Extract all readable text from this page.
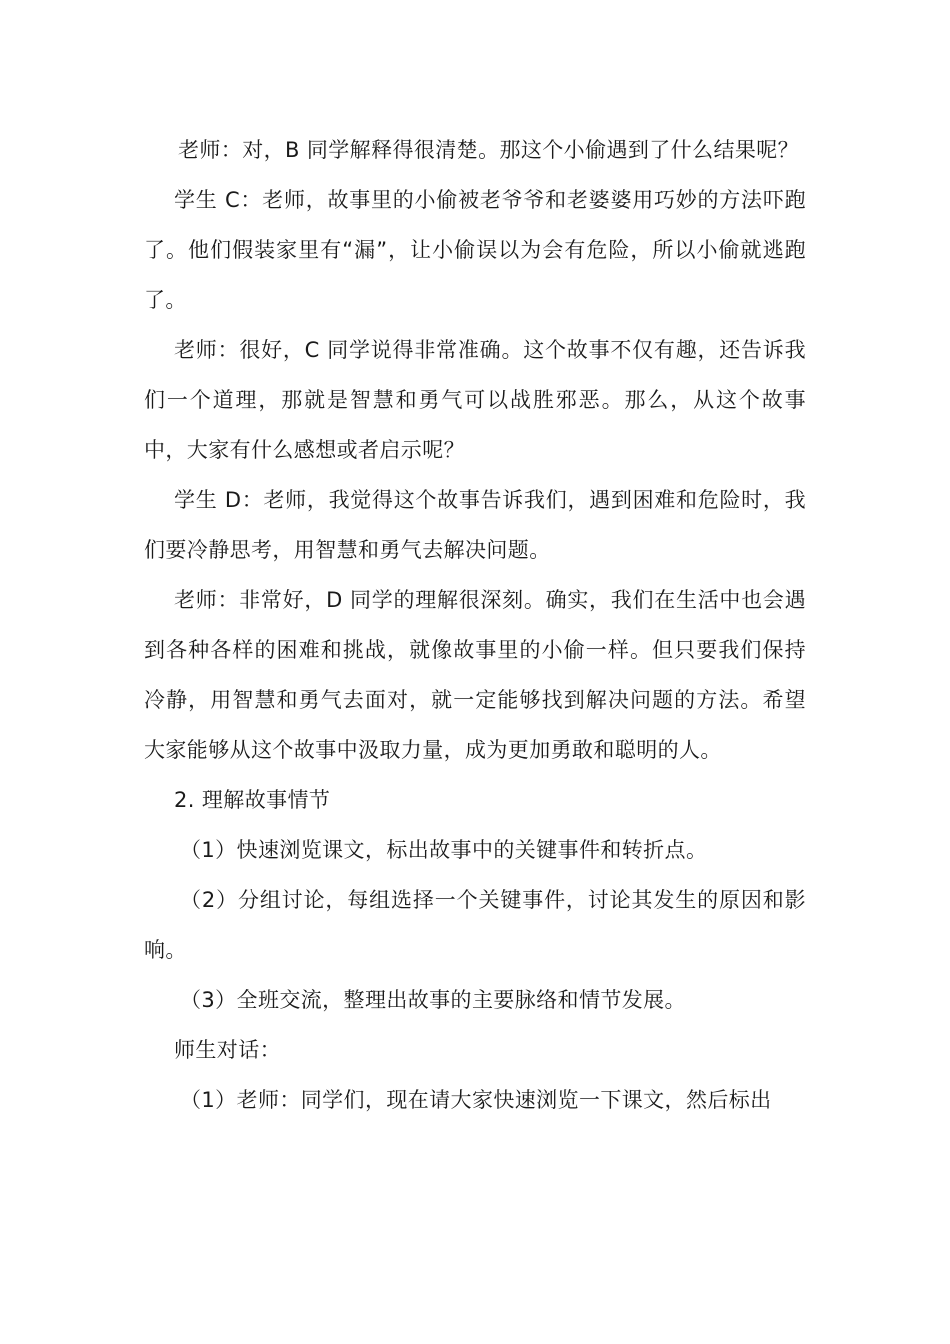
老师：对，B 同学解释得很清楚。那这个小偷遇到了什么结果呢？

学生 C：老师，故事里的小偷被老爷爷和老婆婆用巧妙的方法吓跑了。他们假装家里有“漏”，让小偷误以为会有危险，所以小偷就逃跑了。

老师：很好，C 同学说得非常准确。这个故事不仅有趣，还告诉我们一个道理，那就是智慧和勇气可以战胜邪恶。那么，从这个故事中，大家有什么感想或者启示呢？

学生 D：老师，我觉得这个故事告诉我们，遇到困难和危险时，我们要冷静思考，用智慧和勇气去解决问题。

老师：非常好，D 同学的理解很深刻。确实，我们在生活中也会遇到各种各样的困难和挑战，就像故事里的小偷一样。但只要我们保持冷静，用智慧和勇气去面对，就一定能够找到解决问题的方法。希望大家能够从这个故事中汲取力量，成为更加勇敢和聪明的人。

2. 理解故事情节

（1）快速浏览课文，标出故事中的关键事件和转折点。

（2）分组讨论，每组选择一个关键事件，讨论其发生的原因和影响。

（3）全班交流，整理出故事的主要脉络和情节发展。

师生对话：

（1）老师：同学们，现在请大家快速浏览一下课文，然后标出
